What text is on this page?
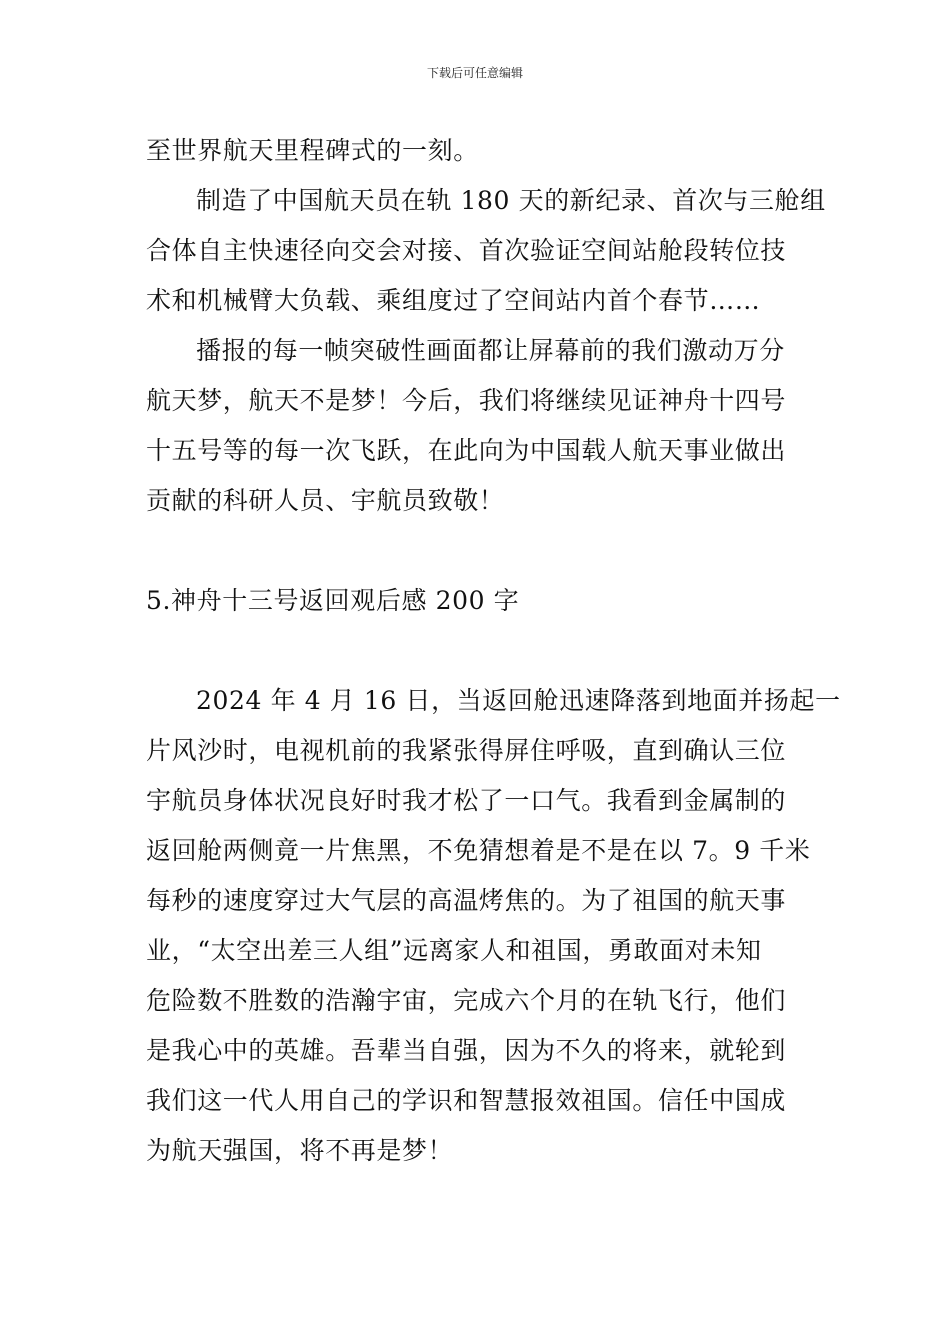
下载后可任意编辑
至世界航天里程碑式的一刻。
制造了中国航天员在轨 180 天的新纪录、首次与三舱组
合体自主快速径向交会对接、首次验证空间站舱段转位技
术和机械臂大负载、乘组度过了空间站内首个春节……
播报的每一帧突破性画面都让屏幕前的我们激动万分
航天梦，航天不是梦！今后，我们将继续见证神舟十四号
十五号等的每一次飞跃，在此向为中国载人航天事业做出
贡献的科研人员、宇航员致敬！
5.神舟十三号返回观后感 200 字
2024 年 4 月 16 日，当返回舱迅速降落到地面并扬起一
片风沙时，电视机前的我紧张得屏住呼吸，直到确认三位
宇航员身体状况良好时我才松了一口气。我看到金属制的
返回舱两侧竟一片焦黑，不免猜想着是不是在以 7。9 千米
每秒的速度穿过大气层的高温烤焦的。为了祖国的航天事
业，“太空出差三人组”远离家人和祖国，勇敢面对未知
危险数不胜数的浩瀚宇宙，完成六个月的在轨飞行，他们
是我心中的英雄。吾辈当自强，因为不久的将来，就轮到
我们这一代人用自己的学识和智慧报效祖国。信任中国成
为航天强国，将不再是梦！
